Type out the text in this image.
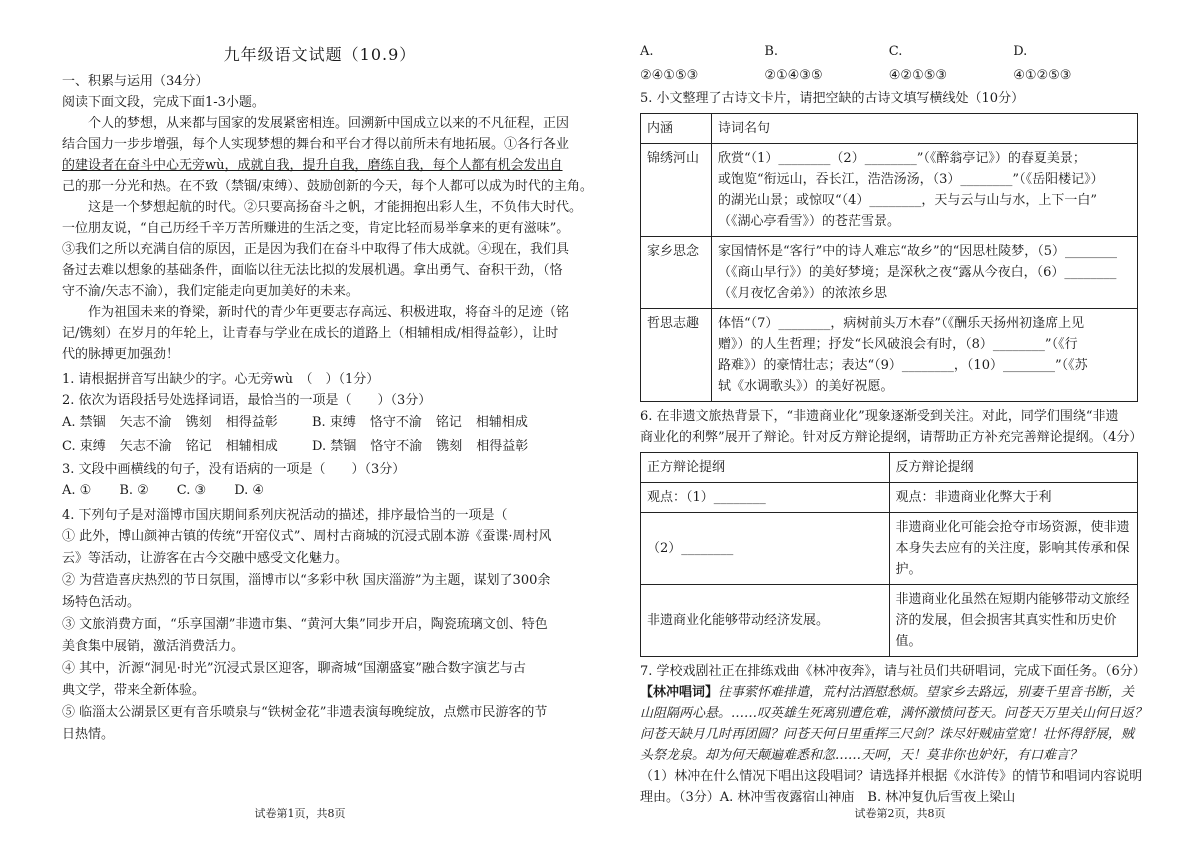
九年级语文试题（10.9）

一、积累与运用（34分）

阅读下面文段，完成下面1-3小题。

　　个人的梦想，从来都与国家的发展紧密相连。回溯新中国成立以来的不凡征程，正因

结合国力一步步增强，每个人实现梦想的舞台和平台才得以前所未有地拓展。①各行各业

的建设者在奋斗中心无旁wù，成就自我，提升自我，磨练自我，每个人都有机会发出自

己的那一分光和热。在不致（禁锢/束缚）、鼓励创新的今天，每个人都可以成为时代的主角。

　　这是一个梦想起航的时代。②只要高扬奋斗之帆，才能拥抱出彩人生，不负伟大时代。

一位朋友说，“自己历经千辛万苦所赚进的生活之变，肯定比轻而易举拿来的更有滋味”。

③我们之所以充满自信的原因，正是因为我们在奋斗中取得了伟大成就。④现在，我们具

备过去难以想象的基础条件，面临以往无法比拟的发展机遇。拿出勇气、奋积干劲，（恪

守不渝/矢志不渝），我们定能走向更加美好的未来。

　　作为祖国未来的脊梁，新时代的青少年更要志存高远、积极进取，将奋斗的足迹（铭

记/镌刻）在岁月的年轮上，让青春与学业在成长的道路上（相辅相成/相得益彰），让时

代的脉搏更加强劲！

1. 请根据拼音写出缺少的字。心无旁wù　（　）（1分）

2. 依次为语段括号处选择词语，最恰当的一项是（　　）（3分）

A. 禁锢 矢志不渝 镌刻 相得益彰	B. 束缚 恪守不渝 铭记 相辅相成
C. 束缚 矢志不渝 铭记 相辅相成	D. 禁锢 恪守不渝 镌刻 相得益彰

3. 文段中画横线的句子，没有语病的一项是（　　）（3分）

A. ① B. ② C. ③ D. ④

4. 下列句子是对淄博市国庆期间系列庆祝活动的描述，排序最恰当的一项是（

① 此外，博山颜神古镇的传统“开窑仪式”、周村古商城的沉浸式剧本游《蚕谍·周村风

云》等活动，让游客在古今交融中感受文化魅力。

② 为营造喜庆热烈的节日氛围，淄博市以“多彩中秋 国庆淄游”为主题，谋划了300余

场特色活动。

③ 文旅消费方面，“乐享国潮”非遗市集、“黄河大集”同步开启，陶瓷琉璃文创、特色

美食集中展销，激活消费活力。

④ 其中，沂源“洞见·时光”沉浸式景区迎客，聊斋城“国潮盛宴”融合数字演艺与古

典文学，带来全新体验。

⑤ 临淄太公湖景区更有音乐喷泉与“铁树金花”非遗表演每晚绽放，点燃市民游客的节

日热情。

试卷第1页，共8页
A. ②④①⑤③
B. ②①④③⑤
C. ④②①⑤③
D. ④①②⑤③

5. 小文整理了古诗文卡片，请把空缺的古诗文填写横线处（10分）

内涵	诗词名句
锦绣河山	欣赏“（1）________（2）________”（《醉翁亭记》）的春夏美景；
或饱览“衔远山，吞长江，浩浩汤汤，（3）________”（《岳阳楼记》）
的湖光山景；或惊叹“（4）________，天与云与山与水，上下一白”
（《湖心亭看雪》）的苍茫雪景。

家乡思念	家国情怀是“客行”中的诗人难忘“故乡”的“因思杜陵梦，（5）________
（《商山早行》）的美好梦境；是深秋之夜“露从今夜白，（6）________
（《月夜忆舍弟》）的浓浓乡思

哲思志趣	体悟“（7）________，病树前头万木春”（《酬乐天扬州初逢席上见
赠》）的人生哲理；抒发“长风破浪会有时，（8）________”（《行
路难》）的豪情壮志；表达“（9）________，（10）________”（《苏
轼《水调歌头》）的美好祝愿。

6. 在非遗文旅热背景下，“非遗商业化”现象逐渐受到关注。对此，同学们围绕“非遗

商业化的利弊”展开了辩论。针对反方辩论提纲，请帮助正方补充完善辩论提纲。（4分）

正方辩论提纲	反方辩论提纲
观点：（1）________	观点：非遗商业化弊大于利
（2）________	非遗商业化可能会抢夺市场资源，使非遗本身失去应有的关注度，影响其传承和保护。
非遗商业化能够带动经济发展。	非遗商业化虽然在短期内能够带动文旅经济的发展，但会损害其真实性和历史价值。

7. 学校戏剧社正在排练戏曲《林冲夜奔》，请与社员们共研唱词，完成下面任务。（6分）

【林冲唱词】往事萦怀难排遣，荒村沽酒慰愁烦。望家乡去路远，别妻千里音书断，关
山阻隔两心悬。……叹英雄生死离别遭危难，满怀激愤问苍天。问苍天万里关山何日返？
问苍天缺月几时再团圆？问苍天何日里重挥三尺剑？诛尽奸贼庙堂宽！壮怀得舒展，贼
头祭龙泉。却为何天颠遍难悉和忽……天呵，天！莫非你也妒奸，有口难言？

（1）林冲在什么情况下唱出这段唱词？请选择并根据《水浒传》的情节和唱词内容说明

理由。（3分）A. 林冲雪夜露宿山神庙　B. 林冲复仇后雪夜上梁山

试卷第2页，共8页
